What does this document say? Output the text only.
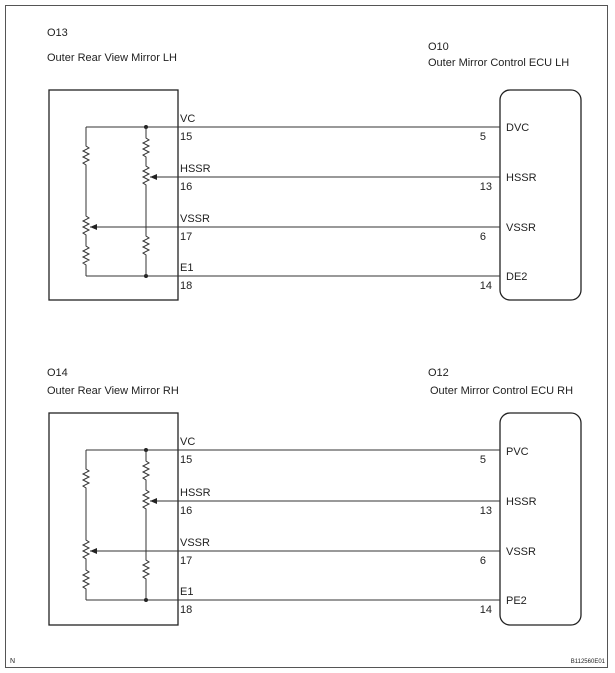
O13
Outer Rear View Mirror LH
O10
Outer Mirror Control ECU LH
VC
15
HSSR
16
VSSR
17
E1
18
5
13
6
14
DVC
HSSR
VSSR
DE2
O14
Outer Rear View Mirror RH
O12
Outer Mirror Control ECU RH
VC
15
HSSR
16
VSSR
17
E1
18
5
13
6
14
PVC
HSSR
VSSR
PE2
N	B112560E01
